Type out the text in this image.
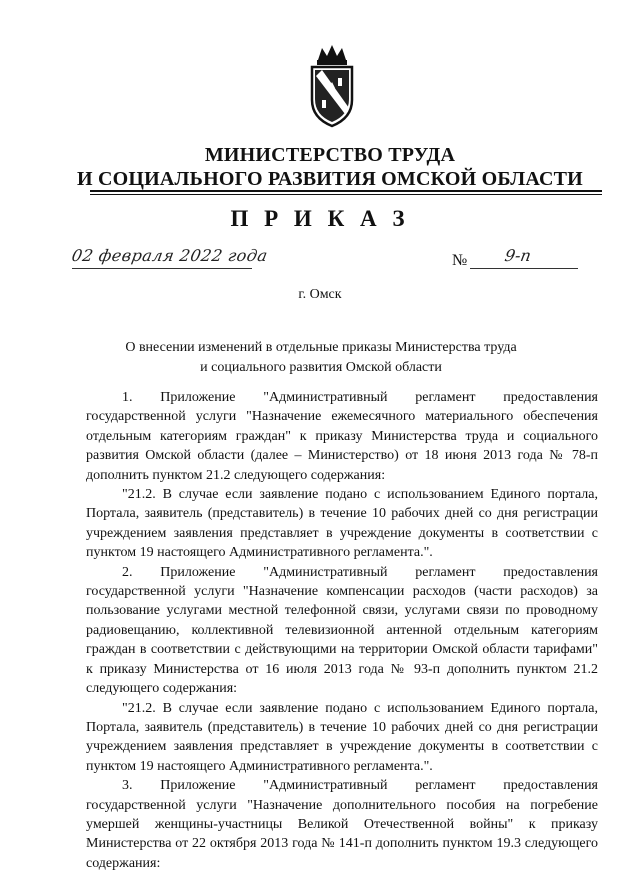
МИНИСТЕРСТВО ТРУДА
И СОЦИАЛЬНОГО РАЗВИТИЯ ОМСКОЙ ОБЛАСТИ
П Р И К А З
02 февраля 2022 года	№ 9-п
г. Омск
О внесении изменений в отдельные приказы Министерства труда
и социального развития Омской области

1. Приложение "Административный регламент предоставления государственной услуги "Назначение ежемесячного материального обеспечения отдельным категориям граждан" к приказу Министерства труда и социального развития Омской области (далее – Министерство) от 18 июня 2013 года № 78-п дополнить пунктом 21.2 следующего содержания:

"21.2. В случае если заявление подано с использованием Единого портала, Портала, заявитель (представитель) в течение 10 рабочих дней со дня регистрации учреждением заявления представляет в учреждение документы в соответствии с пунктом 19 настоящего Административного регламента.".

2. Приложение "Административный регламент предоставления государственной услуги "Назначение компенсации расходов (части расходов) за пользование услугами местной телефонной связи, услугами связи по проводному радиовещанию, коллективной телевизионной антенной отдельным категориям граждан в соответствии с действующими на территории Омской области тарифами" к приказу Министерства от 16 июля 2013 года № 93-п дополнить пунктом 21.2 следующего содержания:

"21.2. В случае если заявление подано с использованием Единого портала, Портала, заявитель (представитель) в течение 10 рабочих дней со дня регистрации учреждением заявления представляет в учреждение документы в соответствии с пунктом 19 настоящего Административного регламента.".

3. Приложение "Административный регламент предоставления государственной услуги "Назначение дополнительного пособия на погребение умершей женщины-участницы Великой Отечественной войны" к приказу Министерства от 22 октября 2013 года № 141-п дополнить пунктом 19.3 следующего содержания:
